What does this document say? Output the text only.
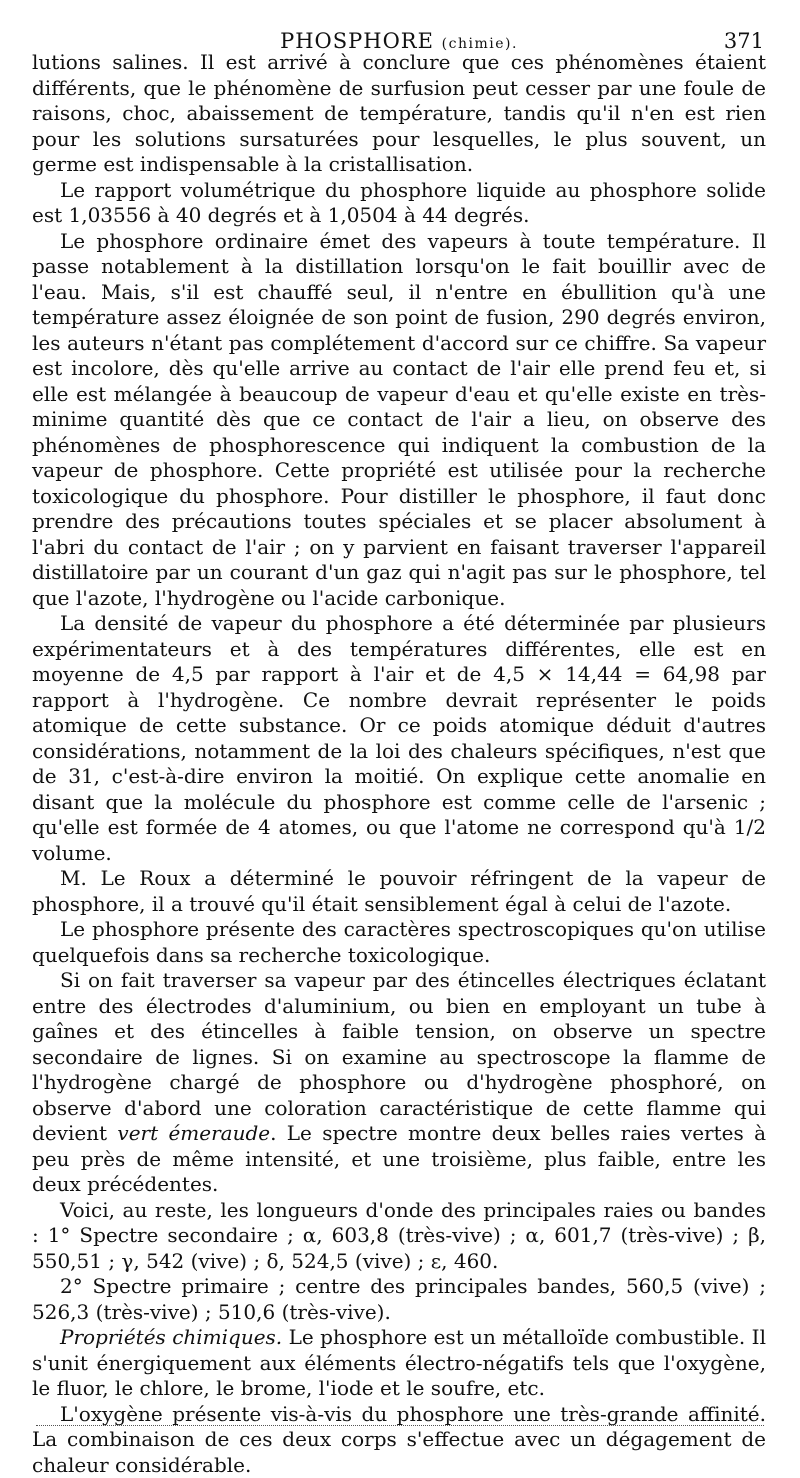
PHOSPHORE (chimie).	371

lutions salines. Il est arrivé à conclure que ces phénomènes étaient différents, que le phénomène de surfusion peut cesser par une foule de raisons, choc, abaissement de température, tandis qu'il n'en est rien pour les solutions sursaturées pour lesquelles, le plus souvent, un germe est indispensable à la cristallisation.

Le rapport volumétrique du phosphore liquide au phosphore solide est 1,03556 à 40 degrés et à 1,0504 à 44 degrés.

Le phosphore ordinaire émet des vapeurs à toute température. Il passe notablement à la distillation lorsqu'on le fait bouillir avec de l'eau. Mais, s'il est chauffé seul, il n'entre en ébullition qu'à une température assez éloignée de son point de fusion, 290 degrés environ, les auteurs n'étant pas complétement d'accord sur ce chiffre. Sa vapeur est incolore, dès qu'elle arrive au contact de l'air elle prend feu et, si elle est mélangée à beaucoup de vapeur d'eau et qu'elle existe en très-minime quantité dès que ce contact de l'air a lieu, on observe des phénomènes de phosphorescence qui indiquent la combustion de la vapeur de phosphore. Cette propriété est utilisée pour la recherche toxicologique du phosphore. Pour distiller le phosphore, il faut donc prendre des précautions toutes spéciales et se placer absolument à l'abri du contact de l'air ; on y parvient en faisant traverser l'appareil distillatoire par un courant d'un gaz qui n'agit pas sur le phosphore, tel que l'azote, l'hydrogène ou l'acide carbonique.

La densité de vapeur du phosphore a été déterminée par plusieurs expérimentateurs et à des températures différentes, elle est en moyenne de 4,5 par rapport à l'air et de 4,5 × 14,44 = 64,98 par rapport à l'hydrogène. Ce nombre devrait représenter le poids atomique de cette substance. Or ce poids atomique déduit d'autres considérations, notamment de la loi des chaleurs spécifiques, n'est que de 31, c'est-à-dire environ la moitié. On explique cette anomalie en disant que la molécule du phosphore est comme celle de l'arsenic ; qu'elle est formée de 4 atomes, ou que l'atome ne correspond qu'à 1/2 volume.

M. Le Roux a déterminé le pouvoir réfringent de la vapeur de phosphore, il a trouvé qu'il était sensiblement égal à celui de l'azote.

Le phosphore présente des caractères spectroscopiques qu'on utilise quelquefois dans sa recherche toxicologique.

Si on fait traverser sa vapeur par des étincelles électriques éclatant entre des électrodes d'aluminium, ou bien en employant un tube à gaînes et des étincelles à faible tension, on observe un spectre secondaire de lignes. Si on examine au spectroscope la flamme de l'hydrogène chargé de phosphore ou d'hydrogène phosphoré, on observe d'abord une coloration caractéristique de cette flamme qui devient vert émeraude. Le spectre montre deux belles raies vertes à peu près de même intensité, et une troisième, plus faible, entre les deux précédentes.

Voici, au reste, les longueurs d'onde des principales raies ou bandes : 1° Spectre secondaire ; α, 603,8 (très-vive) ; α, 601,7 (très-vive) ; β, 550,51 ; γ, 542 (vive) ; δ, 524,5 (vive) ; ε, 460.

2° Spectre primaire ; centre des principales bandes, 560,5 (vive) ; 526,3 (très-vive) ; 510,6 (très-vive).

Propriétés chimiques. Le phosphore est un métalloïde combustible. Il s'unit énergiquement aux éléments électro-négatifs tels que l'oxygène, le fluor, le chlore, le brome, l'iode et le soufre, etc.

L'oxygène présente vis-à-vis du phosphore une très-grande affinité. La combinaison de ces deux corps s'effectue avec un dégagement de chaleur considérable.
